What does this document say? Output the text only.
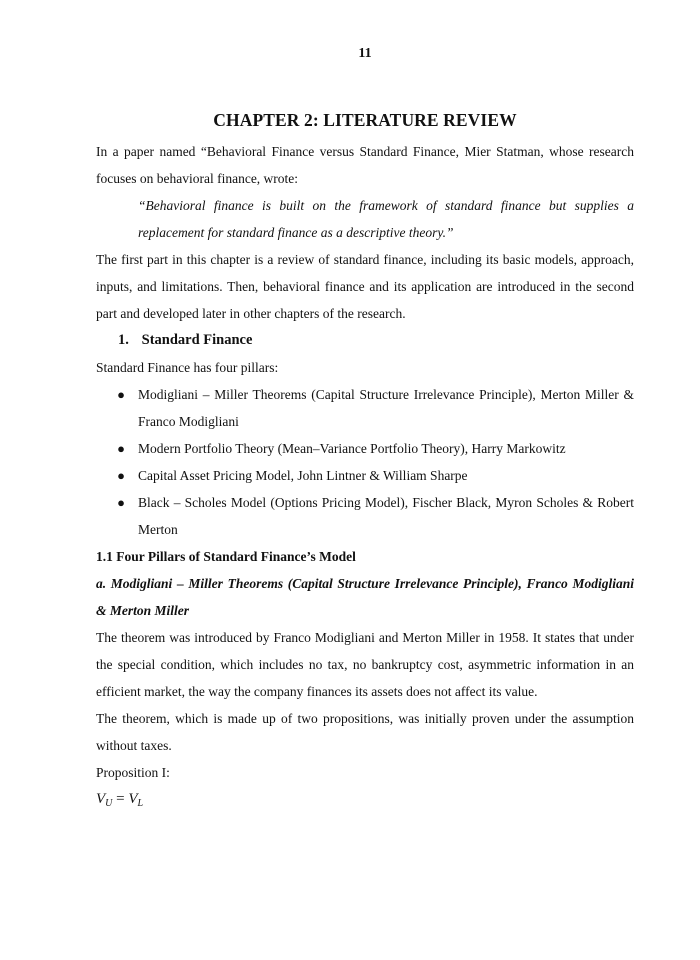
11

CHAPTER 2: LITERATURE REVIEW

In a paper named “Behavioral Finance versus Standard Finance, Mier Statman, whose research focuses on behavioral finance, wrote:

“Behavioral finance is built on the framework of standard finance but supplies a replacement for standard finance as a descriptive theory.”

The first part in this chapter is a review of standard finance, including its basic models, approach, inputs, and limitations. Then, behavioral finance and its application are introduced in the second part and developed later in other chapters of the research.

1. Standard Finance

Standard Finance has four pillars:

● Modigliani – Miller Theorems (Capital Structure Irrelevance Principle), Merton Miller & Franco Modigliani
● Modern Portfolio Theory (Mean–Variance Portfolio Theory), Harry Markowitz
● Capital Asset Pricing Model, John Lintner & William Sharpe
● Black – Scholes Model (Options Pricing Model), Fischer Black, Myron Scholes & Robert Merton
1.1 Four Pillars of Standard Finance’s Model
a. Modigliani – Miller Theorems (Capital Structure Irrelevance Principle), Franco Modigliani & Merton Miller

The theorem was introduced by Franco Modigliani and Merton Miller in 1958. It states that under the special condition, which includes no tax, no bankruptcy cost, asymmetric information in an efficient market, the way the company finances its assets does not affect its value.

The theorem, which is made up of two propositions, was initially proven under the assumption without taxes.

Proposition I:

$V_U = V_L$
